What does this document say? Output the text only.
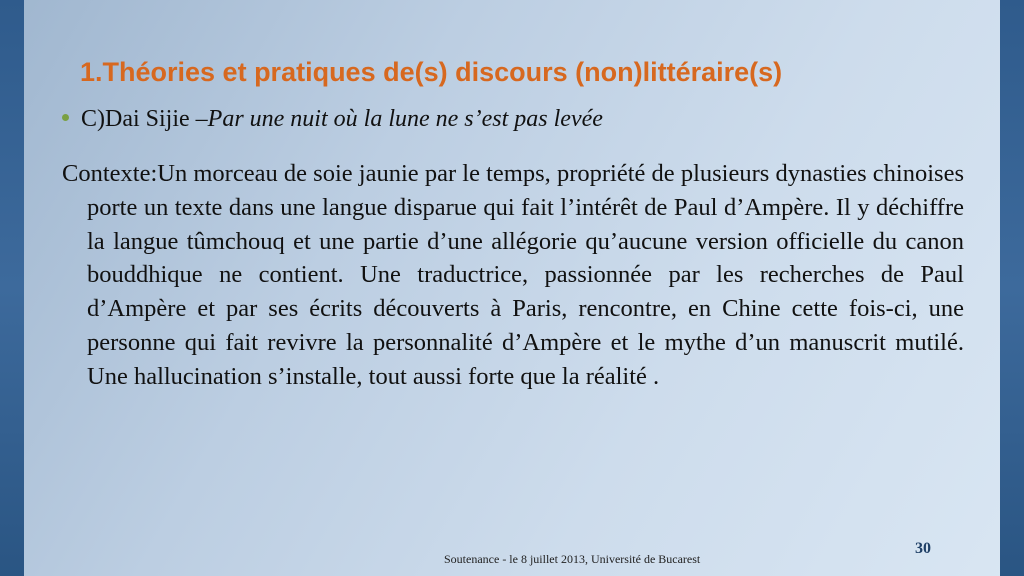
1.Théories et pratiques de(s) discours (non)littéraire(s)
C)Dai Sijie –Par une nuit où la lune ne s’est pas levée
Contexte:Un morceau de soie jaunie par le temps, propriété de plusieurs dynasties chinoises porte un texte dans une langue disparue qui fait l’intérêt de Paul d’Ampère. Il y déchiffre la langue tûmchouq et une partie d’une allégorie qu’aucune version officielle du canon bouddhique ne contient. Une traductrice, passionnée par les recherches de Paul d’Ampère et par ses écrits découverts à Paris, rencontre, en Chine cette fois-ci, une personne qui fait revivre la personnalité d’Ampère et le mythe d’un manuscrit mutilé. Une hallucination s’installe, tout aussi forte que la réalité .
Soutenance - le 8 juillet 2013, Université de Bucarest
30
